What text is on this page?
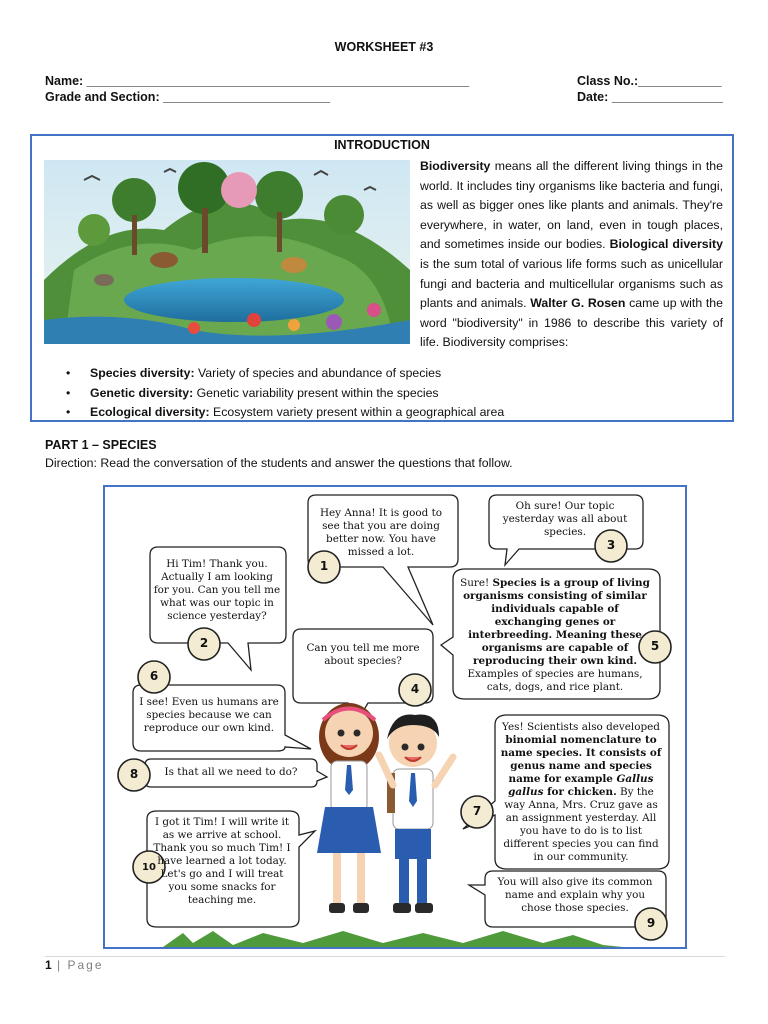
WORKSHEET #3
Name: _______________________________________________________	Class No.:____________
Grade and Section: ________________________	Date: ________________
INTRODUCTION
Biodiversity means all the different living things in the world. It includes tiny organisms like bacteria and fungi, as well as bigger ones like plants and animals. They're everywhere, in water, on land, even in tough places, and sometimes inside our bodies. Biological diversity is the sum total of various life forms such as unicellular fungi and bacteria and multicellular organisms such as plants and animals. Walter G. Rosen came up with the word "biodiversity" in 1986 to describe this variety of life. Biodiversity comprises:
• Species diversity: Variety of species and abundance of species
• Genetic diversity: Genetic variability present within the species
• Ecological diversity: Ecosystem variety present within a geographical area
PART 1 – SPECIES
Direction: Read the conversation of the students and answer the questions that follow.
Hey Anna! It is good to see that you are doing better now. You have missed a lot.
Hi Tim! Thank you. Actually I am looking for you. Can you tell me what was our topic in science yesterday?
Oh sure! Our topic yesterday was all about species.
Can you tell me more about species?
Sure! Species is a group of living organisms consisting of similar individuals capable of exchanging genes or interbreeding. Meaning these organisms are capable of reproducing their own kind. Examples of species are humans, cats, dogs, and rice plant.
I see! Even us humans are species because we can reproduce our own kind.	Yes! Scientists also developed binomial nomenclature to name species. It consists of genus name and species name for example Gallus gallus for chicken. By the way Anna, Mrs. Cruz gave as an assignment yesterday. All you have to do is to list different species you can find in our community.
Is that all we need to do?
You will also give its common name and explain why you chose those species.
I got it Tim! I will write it as we arrive at school. Thank you so much Tim! I have learned a lot today. Let's go and I will treat you some snacks for teaching me.
1
2
3
4
5
6
7
8
9
10
1 | Page
